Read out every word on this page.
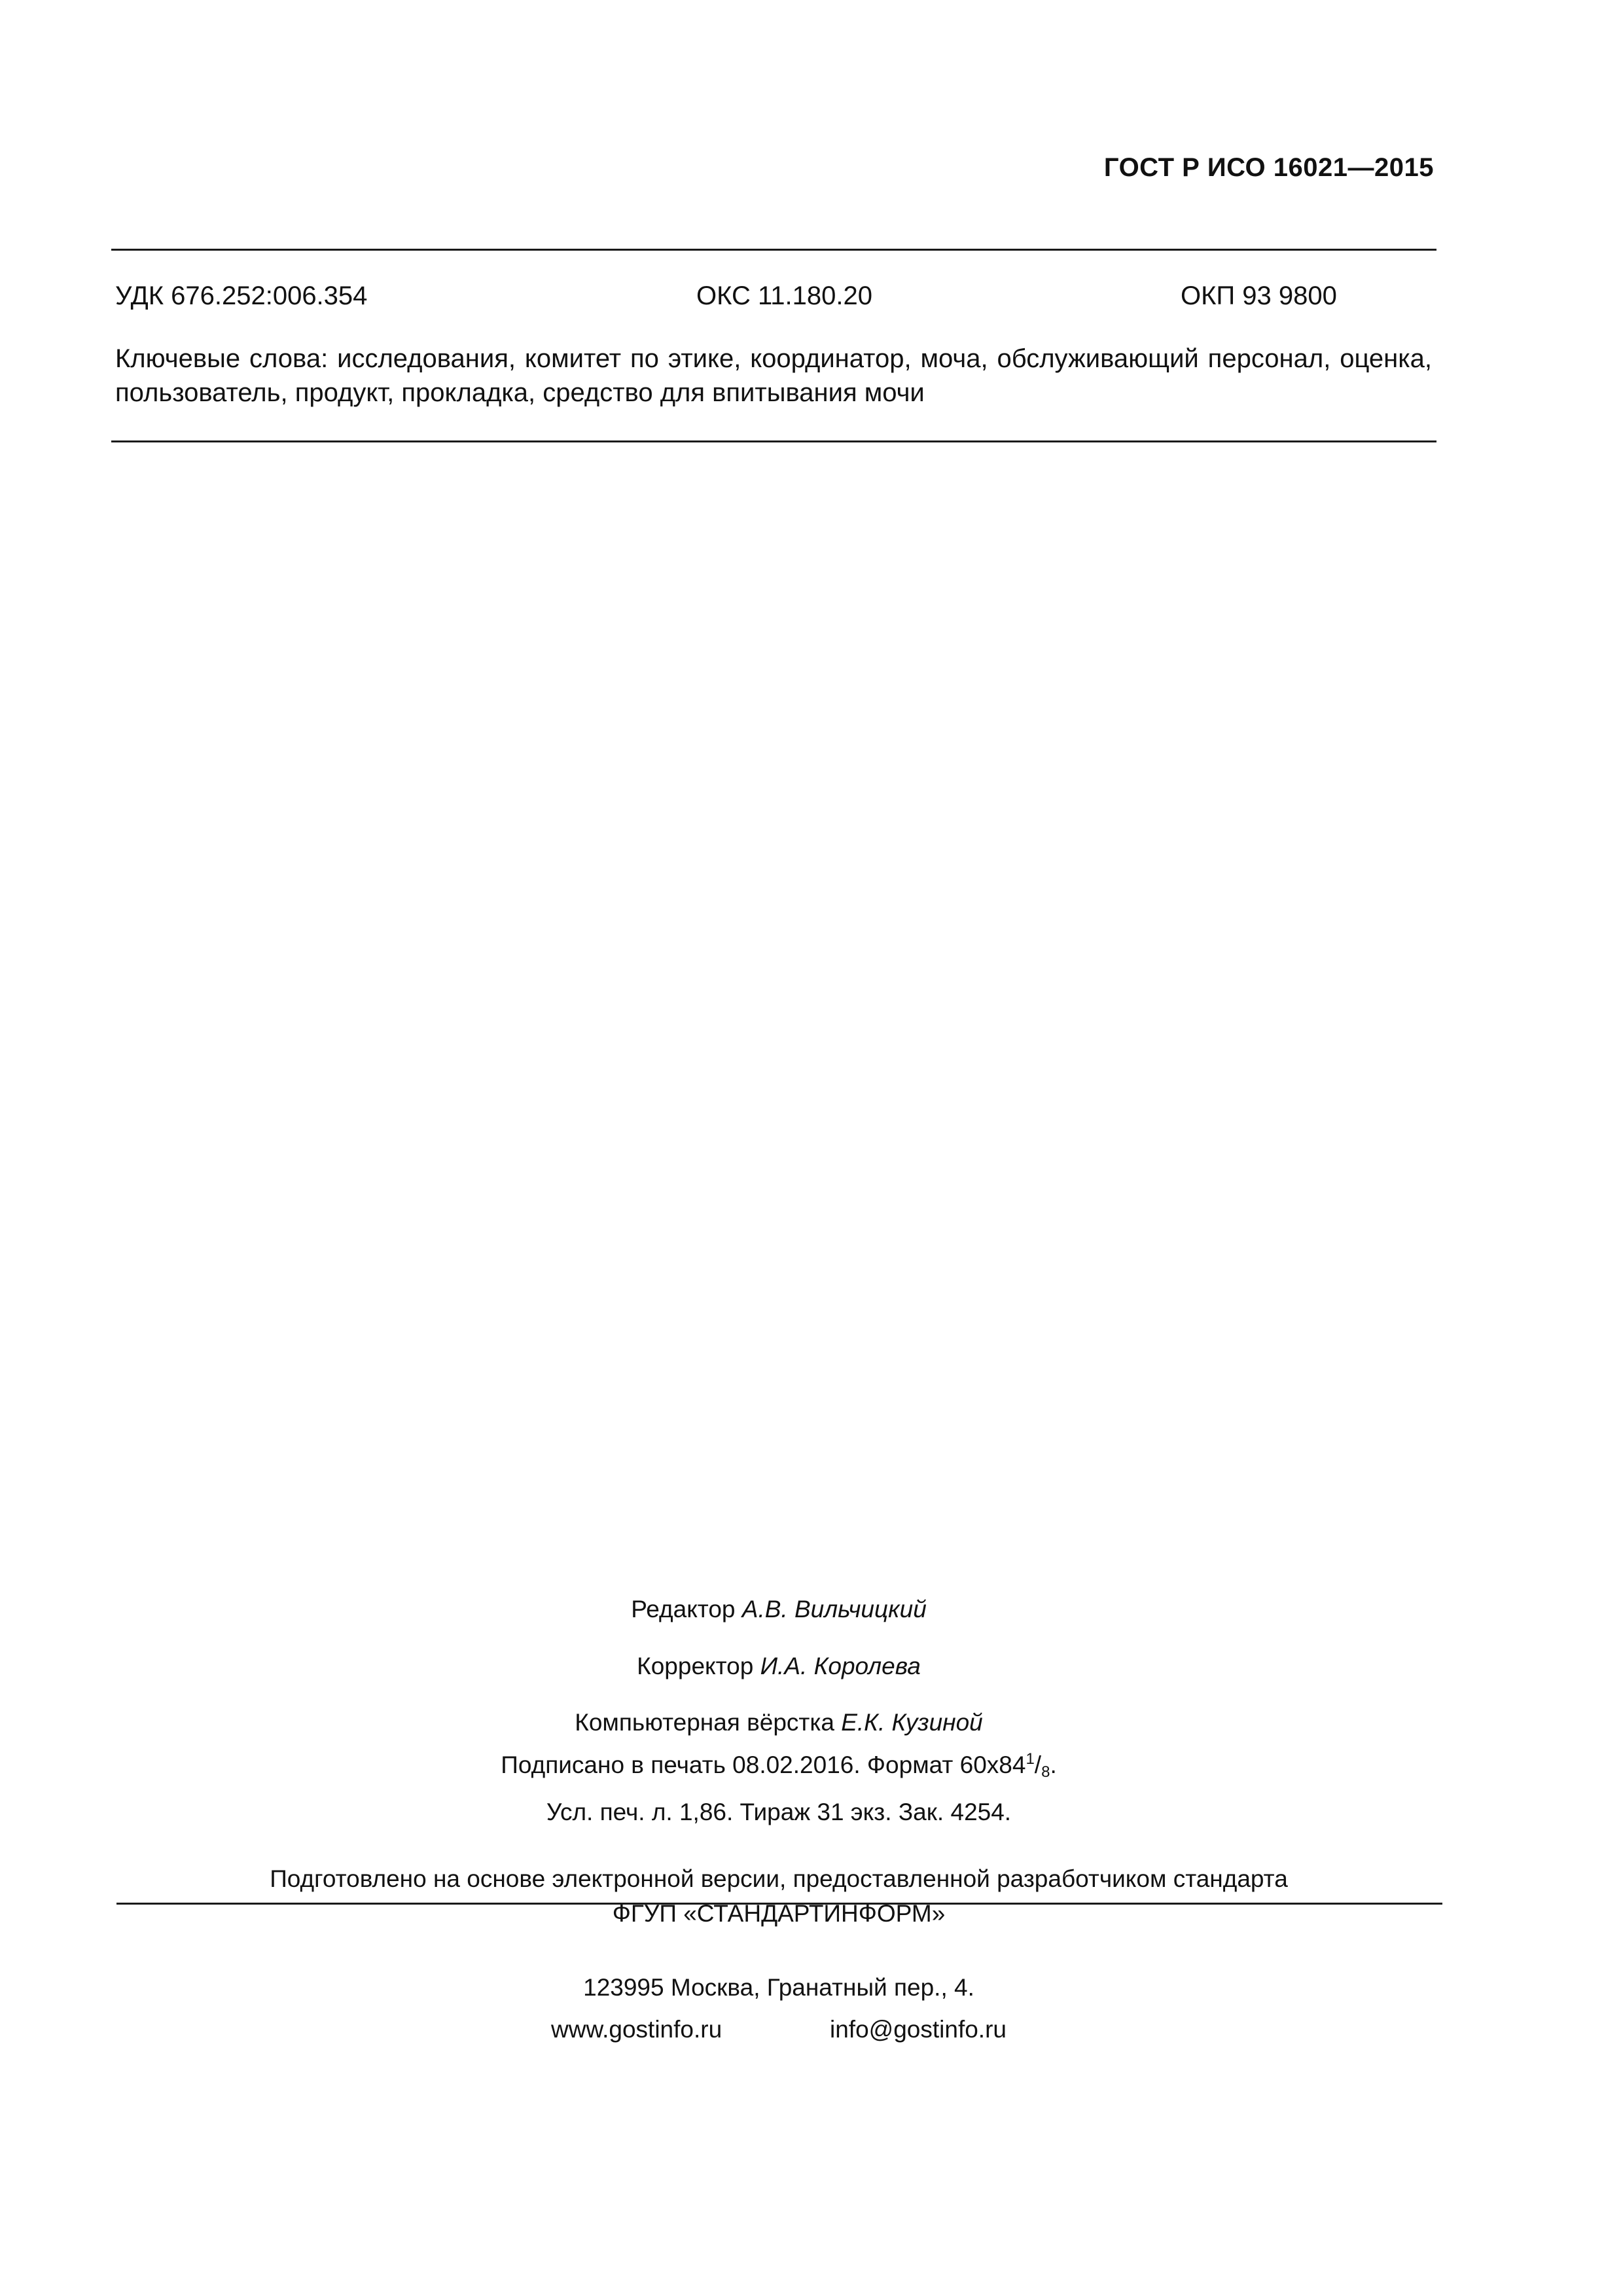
ГОСТ Р ИСО 16021—2015
УДК 676.252:006.354	ОКС 11.180.20	ОКП 93 9800
Ключевые слова: исследования, комитет по этике, координатор, моча, обслуживающий персонал, оценка, пользователь, продукт, прокладка, средство для впитывания мочи
Редактор А.В. Вильчицкий
Корректор И.А. Королева
Компьютерная вёрстка Е.К. Кузиной
Подписано в печать 08.02.2016. Формат $60х84^1/_8$.
Усл. печ. л. 1,86. Тираж 31 экз. Зак. 4254.
Подготовлено на основе электронной версии, предоставленной разработчиком стандарта
ФГУП «СТАНДАРТИНФОРМ»
123995 Москва, Гранатный пер., 4.
www.gostinfo.ru	info@gostinfo.ru
